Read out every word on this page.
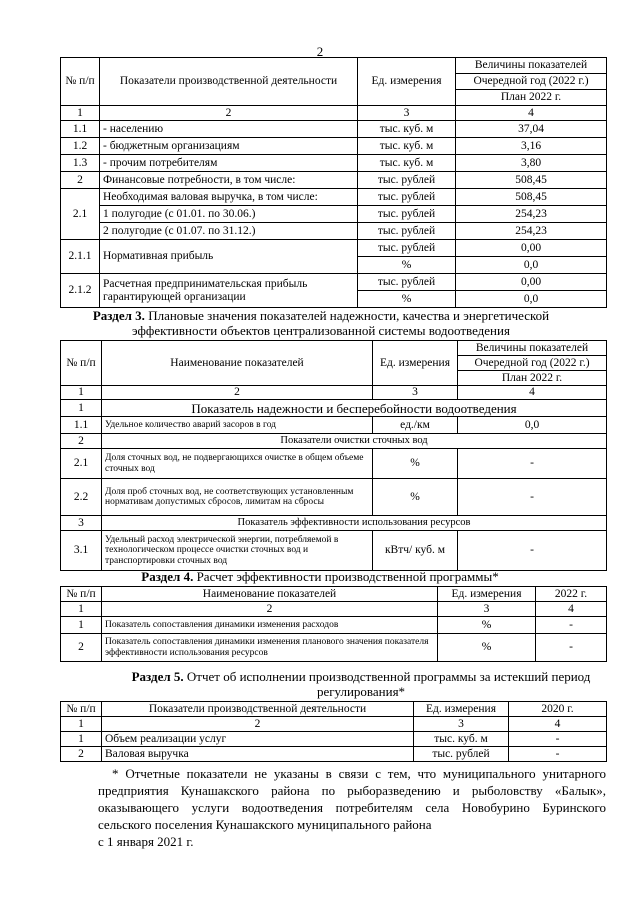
2
№ п/п	Показатели производственной деятельности	Ед. измерения	Величины показателей
			Очередной год (2022 г.)
			План 2022 г.
1	2	3	4
1.1	- населению	тыс. куб. м	37,04
1.2	- бюджетным организациям	тыс. куб. м	3,16
1.3	- прочим потребителям	тыс. куб. м	3,80
2	Финансовые потребности, в том числе:	тыс. рублей	508,45
2.1	Необходимая валовая выручка, в том числе:	тыс. рублей	508,45
	1 полугодие (с 01.01. по 30.06.)	тыс. рублей	254,23
	2 полугодие (с 01.07. по 31.12.)	тыс. рублей	254,23
2.1.1	Нормативная прибыль	тыс. рублей	0,00
		%	0,0
2.1.2	Расчетная предпринимательская прибыль гарантирующей организации	тыс. рублей	0,00
		%	0,0
Раздел 3. Плановые значения показателей надежности, качества и энергетической эффективности объектов централизованной системы водоотведения
№ п/п	Наименование показателей	Ед. измерения	Величины показателей
			Очередной год (2022 г.)
			План 2022 г.
1	2	3	4
1	Показатель надежности и бесперебойности водоотведения		
1.1	Удельное количество аварий засоров в год	ед./км	0,0
2	Показатели очистки сточных вод		
2.1	Доля сточных вод, не подвергающихся очистке в общем объеме сточных вод	%	-
2.2	Доля проб сточных вод, не соответствующих установленным нормативам допустимых сбросов, лимитам на сбросы	%	-
3	Показатель эффективности использования ресурсов		
3.1	Удельный расход электрической энергии, потребляемой в технологическом процессе очистки сточных вод и транспортировки сточных вод	кВтч/ куб. м	-
Раздел 4. Расчет эффективности производственной программы*
№ п/п	Наименование показателей	Ед. измерения	2022 г.
1	2	3	4
1	Показатель сопоставления динамики изменения расходов	%	-
2	Показатель сопоставления динамики изменения планового значения показателя эффективности использования ресурсов	%	-
Раздел 5. Отчет об исполнении производственной программы за истекший период регулирования*
№ п/п	Показатели производственной деятельности	Ед. измерения	2020 г.
1	2	3	4
1	Объем реализации услуг	тыс. куб. м	-
2	Валовая выручка	тыс. рублей	-

* Отчетные показатели не указаны в связи с тем, что муниципального унитарного предприятия Кунашакского района по рыборазведению и рыболовству «Балык», оказывающего услуги водоотведения потребителям села Новобурино Буринского сельского поселения Кунашакского муниципального района

с 1 января 2021 г.
